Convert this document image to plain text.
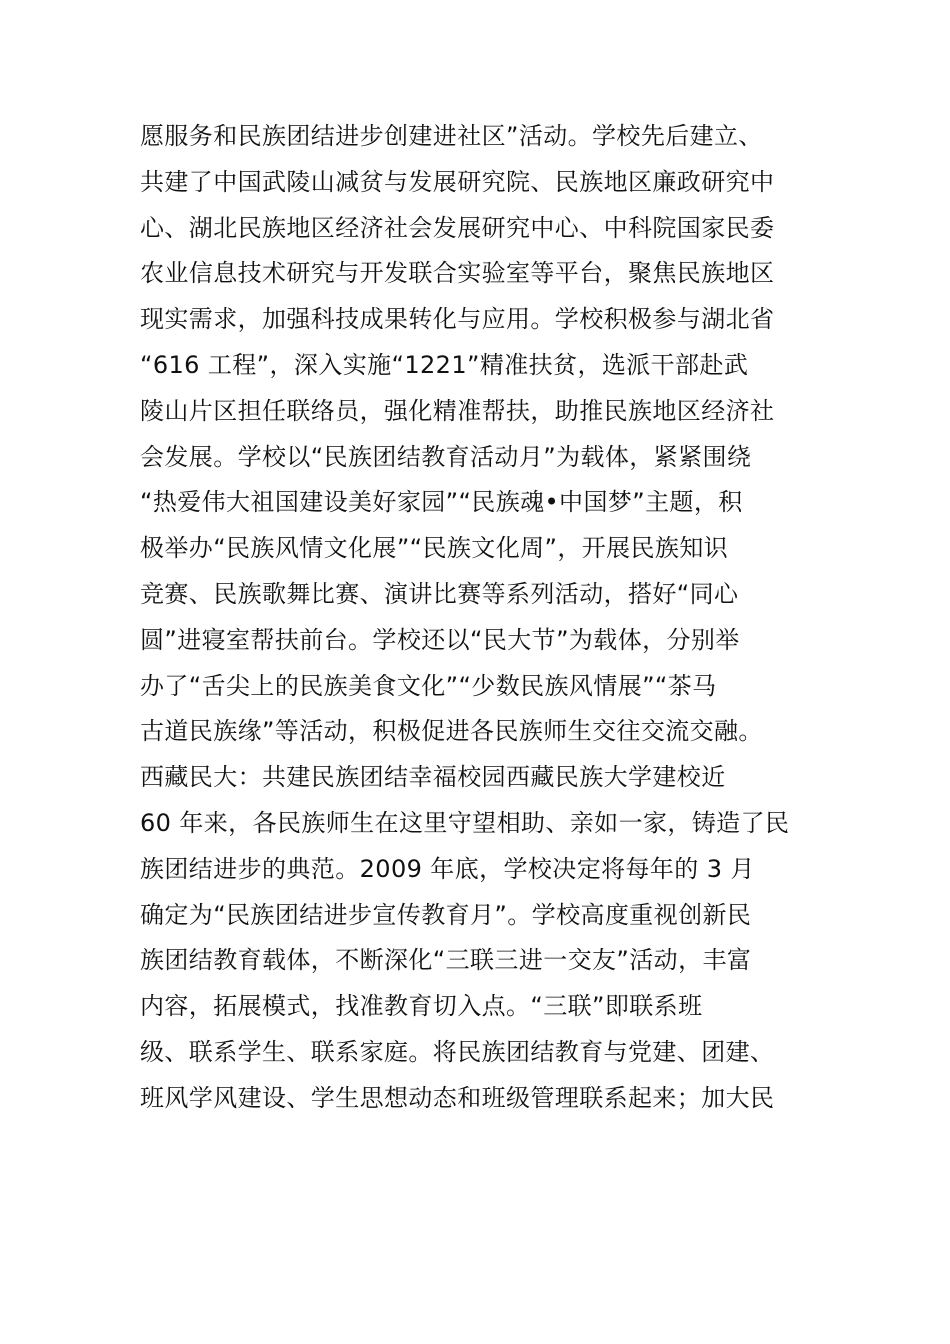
愿服务和民族团结进步创建进社区”活动。学校先后建立、
共建了中国武陵山减贫与发展研究院、民族地区廉政研究中
心、湖北民族地区经济社会发展研究中心、中科院国家民委
农业信息技术研究与开发联合实验室等平台，聚焦民族地区
现实需求，加强科技成果转化与应用。学校积极参与湖北省
“616 工程”，深入实施“1221”精准扶贫，选派干部赴武
陵山片区担任联络员，强化精准帮扶，助推民族地区经济社
会发展。学校以“民族团结教育活动月”为载体，紧紧围绕
“热爱伟大祖国建设美好家园”“民族魂•中国梦”主题，积
极举办“民族风情文化展”“民族文化周”，开展民族知识
竞赛、民族歌舞比赛、演讲比赛等系列活动，搭好“同心
圆”进寝室帮扶前台。学校还以“民大节”为载体，分别举
办了“舌尖上的民族美食文化”“少数民族风情展”“茶马
古道民族缘”等活动，积极促进各民族师生交往交流交融。
西藏民大：共建民族团结幸福校园西藏民族大学建校近
60 年来，各民族师生在这里守望相助、亲如一家，铸造了民
族团结进步的典范。2009 年底，学校决定将每年的 3 月
确定为“民族团结进步宣传教育月”。学校高度重视创新民
族团结教育载体，不断深化“三联三进一交友”活动，丰富
内容，拓展模式，找准教育切入点。“三联”即联系班
级、联系学生、联系家庭。将民族团结教育与党建、团建、
班风学风建设、学生思想动态和班级管理联系起来；加大民
